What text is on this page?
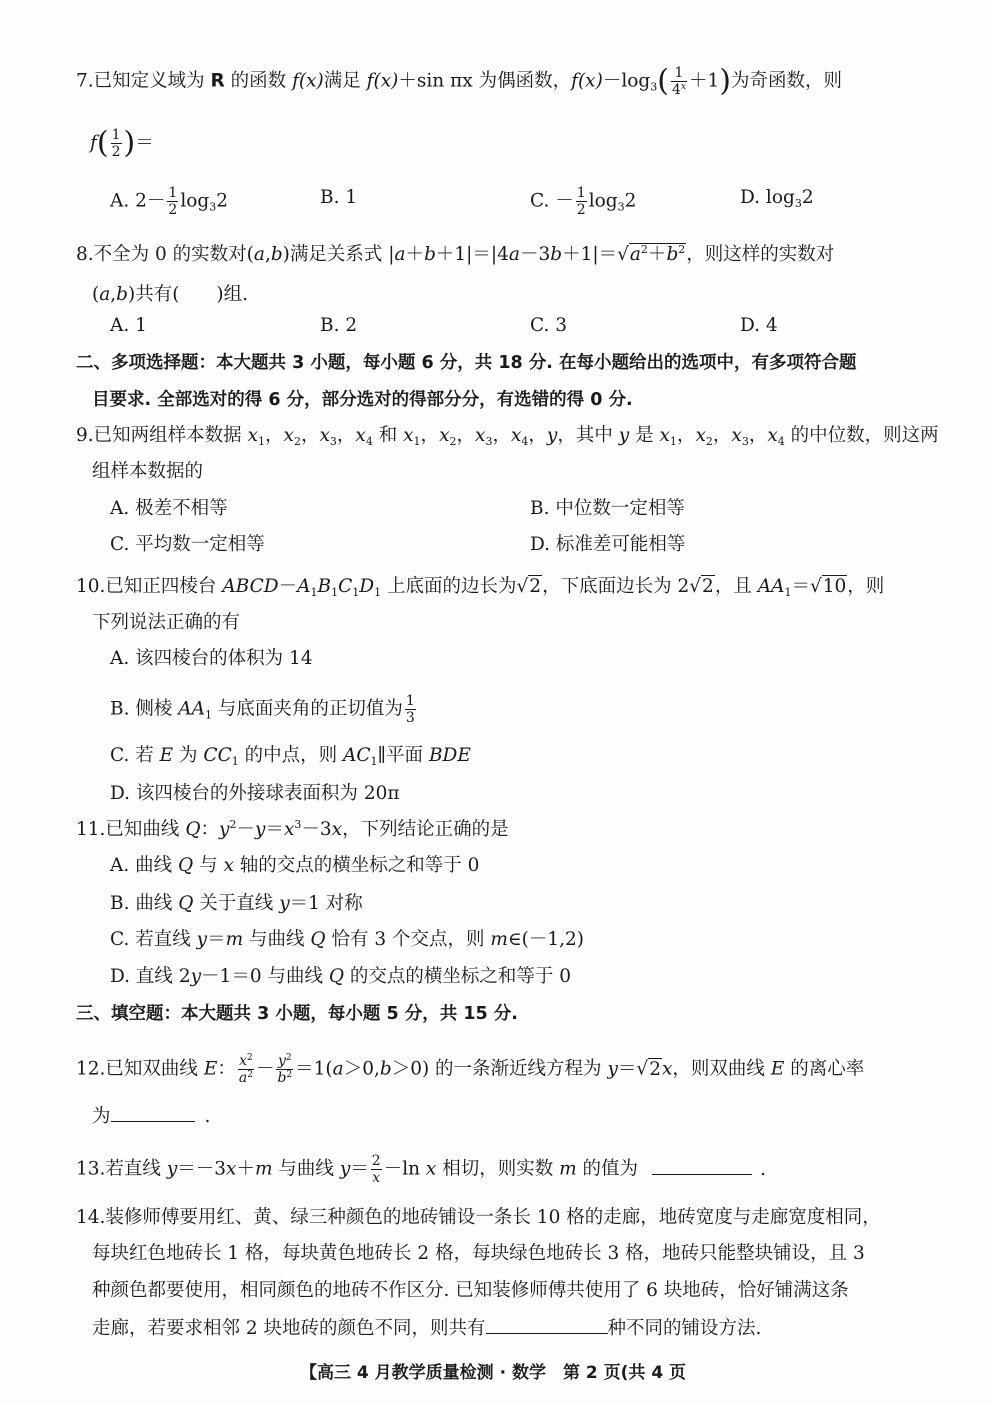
7.已知定义域为 R 的函数 f(x)满足 f(x)＋sin πx 为偶函数，$f(x)-\log_3( \frac{1}{4^x} +1)$为奇函数，则
$f( \frac{1}{2}$ )＝
A. $2- \frac{1}{2} \log_32$	B. 1	C. － $\frac{1}{2} \log_32$	D. $\log_32$
8.不全为 0 的实数对(a,b)满足关系式 $|a+b+1|=|4a-3b+1|=√a^2+b^2$，则这样的实数对
(a,b)共有(　　)组.
A. 1	B. 2	C. 3	D. 4
二、多项选择题：本大题共 3 小题，每小题 6 分，共 18 分. 在每小题给出的选项中，有多项符合题
目要求. 全部选对的得 6 分，部分选对的得部分分，有选错的得 0 分.
9.已知两组样本数据 $x_1$，$x_2$，$x_3$，$x_4$ 和 $x_1$，$x_2$，$x_3$，$x_4$，y，其中 y 是 $x_1$，$x_2$，$x_3$，$x_4$ 的中位数，则这两
组样本数据的
A. 极差不相等	B. 中位数一定相等
C. 平均数一定相等	D. 标准差可能相等
10.已知正四棱台 $ABCD-A_1B_1C_1D_1$ 上底面的边长为√2，下底面边长为 2√2，且 $AA_1=√10$，则
下列说法正确的有
A. 该四棱台的体积为 14
B. 侧棱 $AA_1$ 与底面夹角的正切值为 $\frac{1}{3}$
C. 若 E 为 $CC_1$ 的中点，则 $AC_1\parallel$平面 BDE
D. 该四棱台的外接球表面积为 20π
11.已知曲线 Q：$y^2-y=x^3-3x$，下列结论正确的是
A. 曲线 Q 与 x 轴的交点的横坐标之和等于 0
B. 曲线 Q 关于直线 y＝1 对称
C. 若直线 y＝m 与曲线 Q 恰有 3 个交点，则 m∈(－1,2)
D. 直线 2y－1＝0 与曲线 Q 的交点的横坐标之和等于 0
三、填空题：本大题共 3 小题，每小题 5 分，共 15 分.
12.已知双曲线 E： $\frac{x^2}{a^2} - \frac{y^2}{b^2} =1(a>0,b>0)$ 的一条渐近线方程为 y＝√2x，则双曲线 E 的离心率
为	.
13.若直线 y＝－3x＋m 与曲线 $y= \frac{2}{x} -\ln$ x 相切，则实数 m 的值为	.
14.装修师傅要用红、黄、绿三种颜色的地砖铺设一条长 10 格的走廊，地砖宽度与走廊宽度相同，
每块红色地砖长 1 格，每块黄色地砖长 2 格，每块绿色地砖长 3 格，地砖只能整块铺设，且 3
种颜色都要使用，相同颜色的地砖不作区分. 已知装修师傅共使用了 6 块地砖，恰好铺满这条
走廊，若要求相邻 2 块地砖的颜色不同，则共有	种不同的铺设方法.
【高三 4 月教学质量检测 · 数学　第 2 页(共 4 页
